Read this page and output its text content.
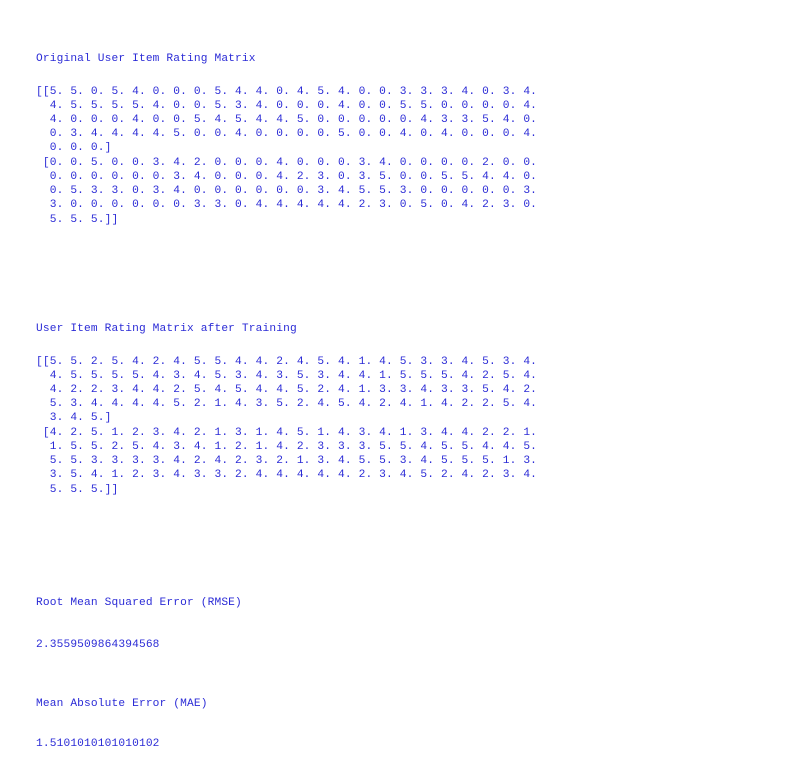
Original User Item Rating Matrix
[[5. 5. 0. 5. 4. 0. 0. 0. 5. 4. 4. 0. 4. 5. 4. 0. 0. 3. 3. 3. 4. 0. 3. 4.
4. 5. 5. 5. 5. 4. 0. 0. 5. 3. 4. 0. 0. 0. 4. 0. 0. 5. 5. 0. 0. 0. 0. 4.
4. 0. 0. 0. 4. 0. 0. 5. 4. 5. 4. 4. 5. 0. 0. 0. 0. 0. 4. 3. 3. 5. 4. 0.
0. 3. 4. 4. 4. 4. 5. 0. 0. 4. 0. 0. 0. 0. 5. 0. 0. 4. 0. 4. 0. 0. 0. 4.
0. 0. 0.]
[0. 0. 5. 0. 0. 3. 4. 2. 0. 0. 0. 4. 0. 0. 0. 3. 4. 0. 0. 0. 0. 2. 0. 0.
0. 0. 0. 0. 0. 0. 3. 4. 0. 0. 0. 4. 2. 3. 0. 3. 5. 0. 0. 5. 5. 4. 4. 0.
0. 5. 3. 3. 0. 3. 4. 0. 0. 0. 0. 0. 0. 3. 4. 5. 5. 3. 0. 0. 0. 0. 0. 3.
3. 0. 0. 0. 0. 0. 0. 3. 3. 0. 4. 4. 4. 4. 4. 2. 3. 0. 5. 0. 4. 2. 3. 0.
5. 5. 5.]]
User Item Rating Matrix after Training
[[5. 5. 2. 5. 4. 2. 4. 5. 5. 4. 4. 2. 4. 5. 4. 1. 4. 5. 3. 3. 4. 5. 3. 4.
4. 5. 5. 5. 5. 4. 3. 4. 5. 3. 4. 3. 5. 3. 4. 4. 1. 5. 5. 5. 4. 2. 5. 4.
4. 2. 2. 3. 4. 4. 2. 5. 4. 5. 4. 4. 5. 2. 4. 1. 3. 3. 4. 3. 3. 5. 4. 2.
5. 3. 4. 4. 4. 4. 5. 2. 1. 4. 3. 5. 2. 4. 5. 4. 2. 4. 1. 4. 2. 2. 5. 4.
3. 4. 5.]
[4. 2. 5. 1. 2. 3. 4. 2. 1. 3. 1. 4. 5. 1. 4. 3. 4. 1. 3. 4. 4. 2. 2. 1.
1. 5. 5. 2. 5. 4. 3. 4. 1. 2. 1. 4. 2. 3. 3. 3. 5. 5. 4. 5. 5. 4. 4. 5.
5. 5. 3. 3. 3. 3. 4. 2. 4. 2. 3. 2. 1. 3. 4. 5. 5. 3. 4. 5. 5. 5. 1. 3.
3. 5. 4. 1. 2. 3. 4. 3. 3. 2. 4. 4. 4. 4. 4. 2. 3. 4. 5. 2. 4. 2. 3. 4.
5. 5. 5.]]
Root Mean Squared Error (RMSE)
2.3559509864394568
Mean Absolute Error (MAE)
1.5101010101010102
